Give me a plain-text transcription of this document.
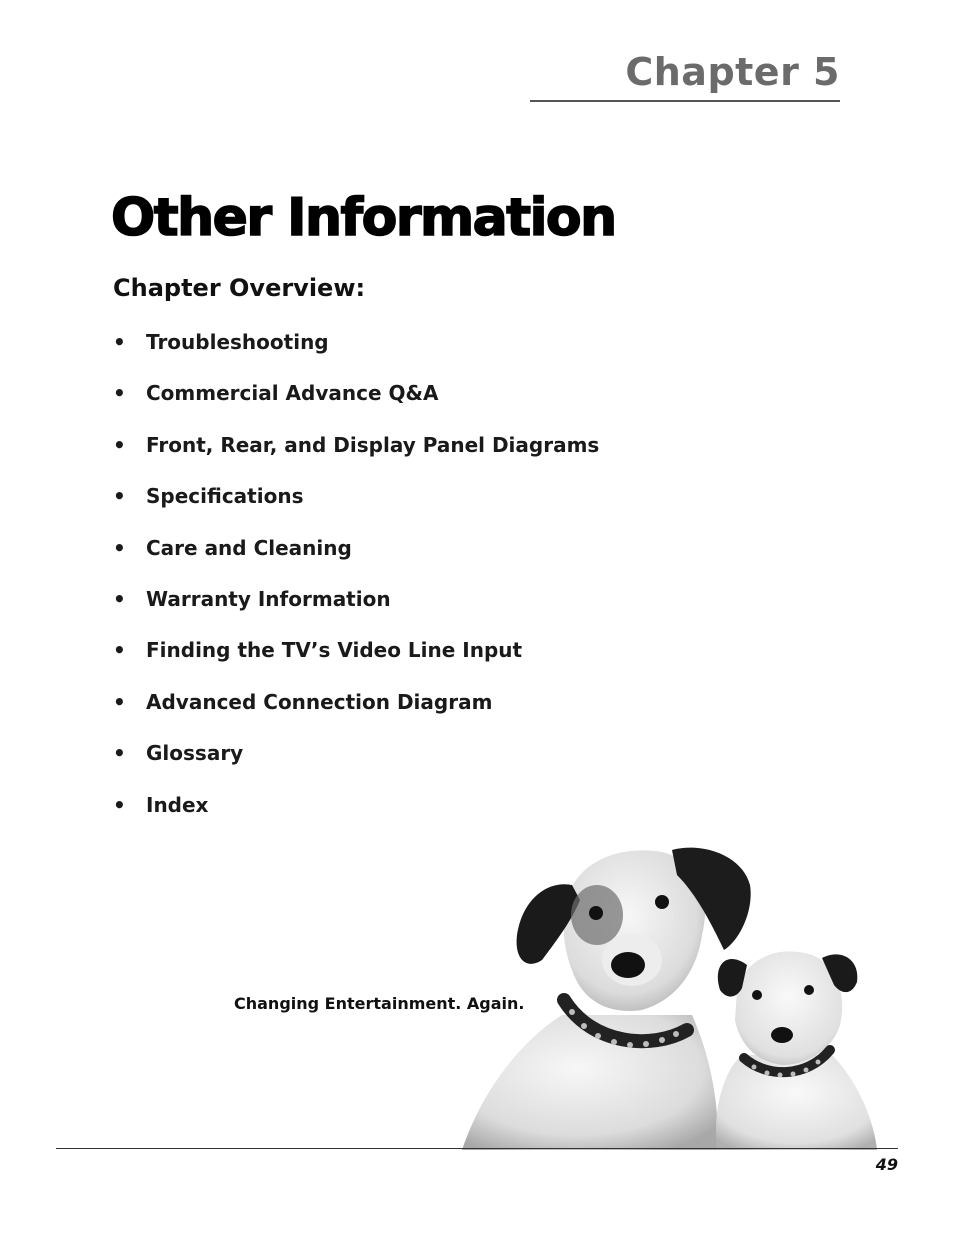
Chapter 5
Other Information
Chapter Overview:
•	Troubleshooting
•	Commercial Advance Q&A
•	Front, Rear, and Display Panel Diagrams
•	Specifications
•	Care and Cleaning
•	Warranty Information
•	Finding the TV’s Video Line Input
•	Advanced Connection Diagram
•	Glossary
•	Index
Changing Entertainment. Again.
49
